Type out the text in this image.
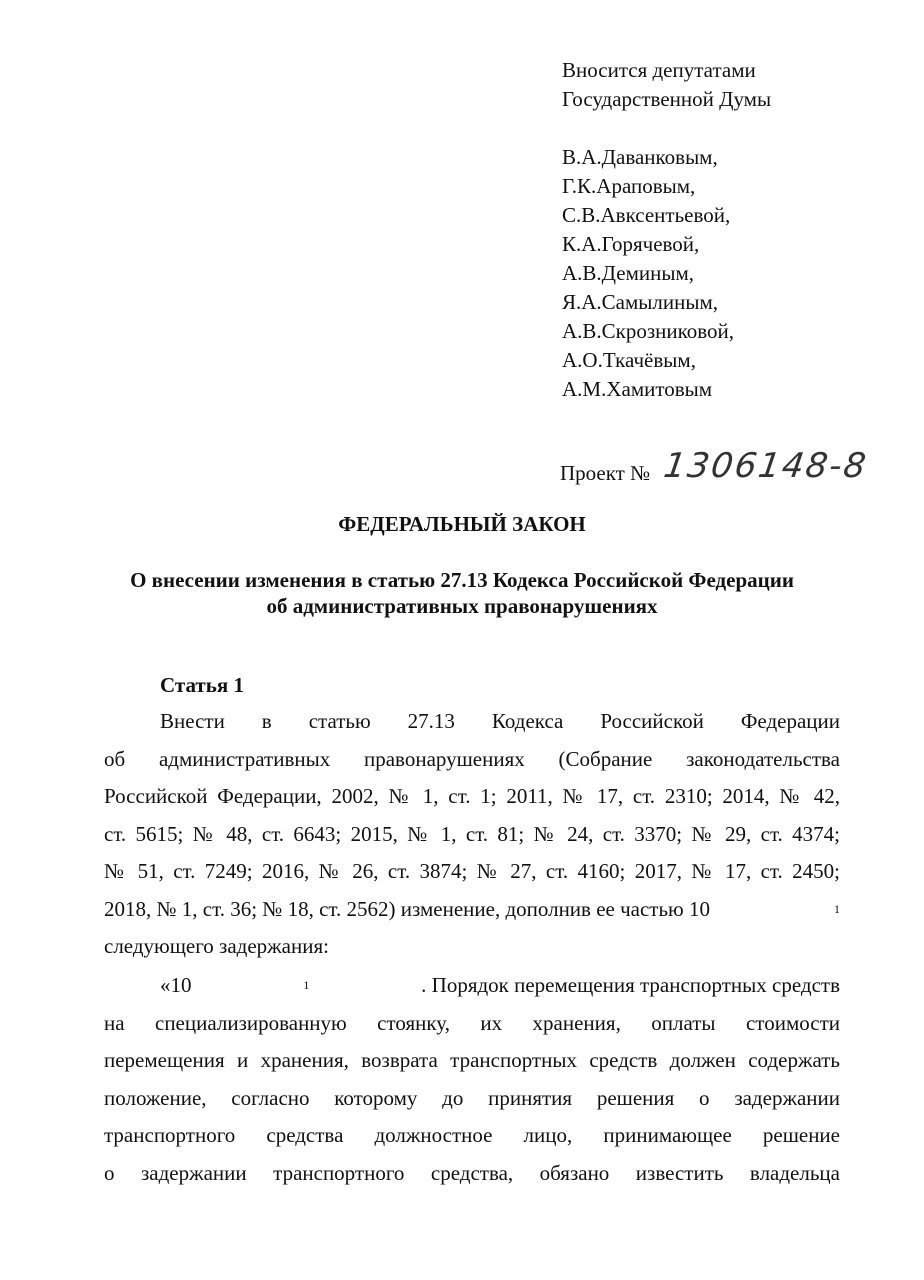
Вносится депутатами
Государственной Думы
В.А.Даванковым,
Г.К.Араповым,
С.В.Авксентьевой,
К.А.Горячевой,
А.В.Деминым,
Я.А.Самылиным,
А.В.Скрозниковой,
А.О.Ткачёвым,
А.М.Хамитовым
Проект № 1306148-8
ФЕДЕРАЛЬНЫЙ ЗАКОН
О внесении изменения в статью 27.13 Кодекса Российской Федерации
об административных правонарушениях
Статья 1
Внести в статью 27.13 Кодекса Российской Федерации
об административных правонарушениях (Собрание законодательства
Российской Федерации, 2002, № 1, ст. 1; 2011, № 17, ст. 2310; 2014, № 42,
ст. 5615; № 48, ст. 6643; 2015, № 1, ст. 81; № 24, ст. 3370; № 29, ст. 4374;
№ 51, ст. 7249; 2016, № 26, ст. 3874; № 27, ст. 4160; 2017, № 17, ст. 2450;
2018, № 1, ст. 36; № 18, ст. 2562) изменение, дополнив ее частью 10	1
следующего задержания:
«10	1	. Порядок перемещения транспортных средств
на специализированную стоянку, их хранения, оплаты стоимости
перемещения и хранения, возврата транспортных средств должен содержать
положение, согласно которому до принятия решения о задержании
транспортного средства должностное лицо, принимающее решение
о задержании транспортного средства, обязано известить владельца
